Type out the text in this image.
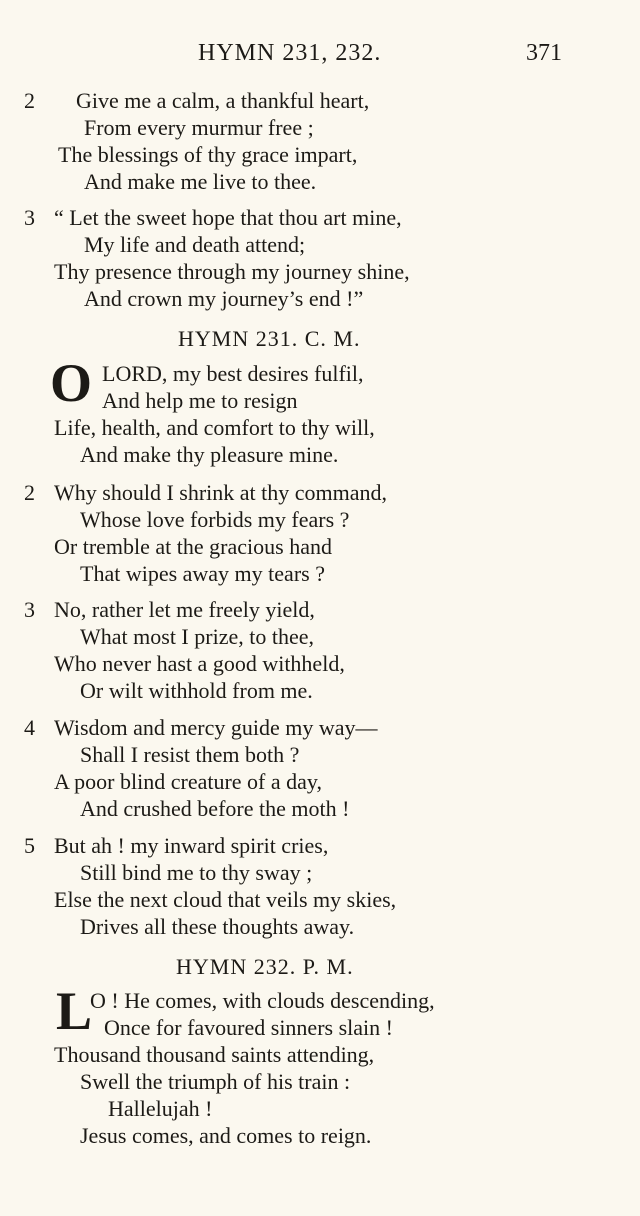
HYMN 231, 232.	371
2 Give me a calm, a thankful heart,
From every murmur free ;
The blessings of thy grace impart,
And make me live to thee.
3 “ Let the sweet hope that thou art mine,
My life and death attend;
Thy presence through my journey shine,
And crown my journey’s end !”
HYMN 231. C. M.
O LORD, my best desires fulfil,
And help me to resign
Life, health, and comfort to thy will,
And make thy pleasure mine.
2 Why should I shrink at thy command,
Whose love forbids my fears ?
Or tremble at the gracious hand
That wipes away my tears ?
3 No, rather let me freely yield,
What most I prize, to thee,
Who never hast a good withheld,
Or wilt withhold from me.
4 Wisdom and mercy guide my way—
Shall I resist them both ?
A poor blind creature of a day,
And crushed before the moth !
5 But ah ! my inward spirit cries,
Still bind me to thy sway ;
Else the next cloud that veils my skies,
Drives all these thoughts away.
HYMN 232. P. M.
L
O ! He comes, with clouds descending,
Once for favoured sinners slain !
Thousand thousand saints attending,
Swell the triumph of his train :
Hallelujah !
Jesus comes, and comes to reign.
